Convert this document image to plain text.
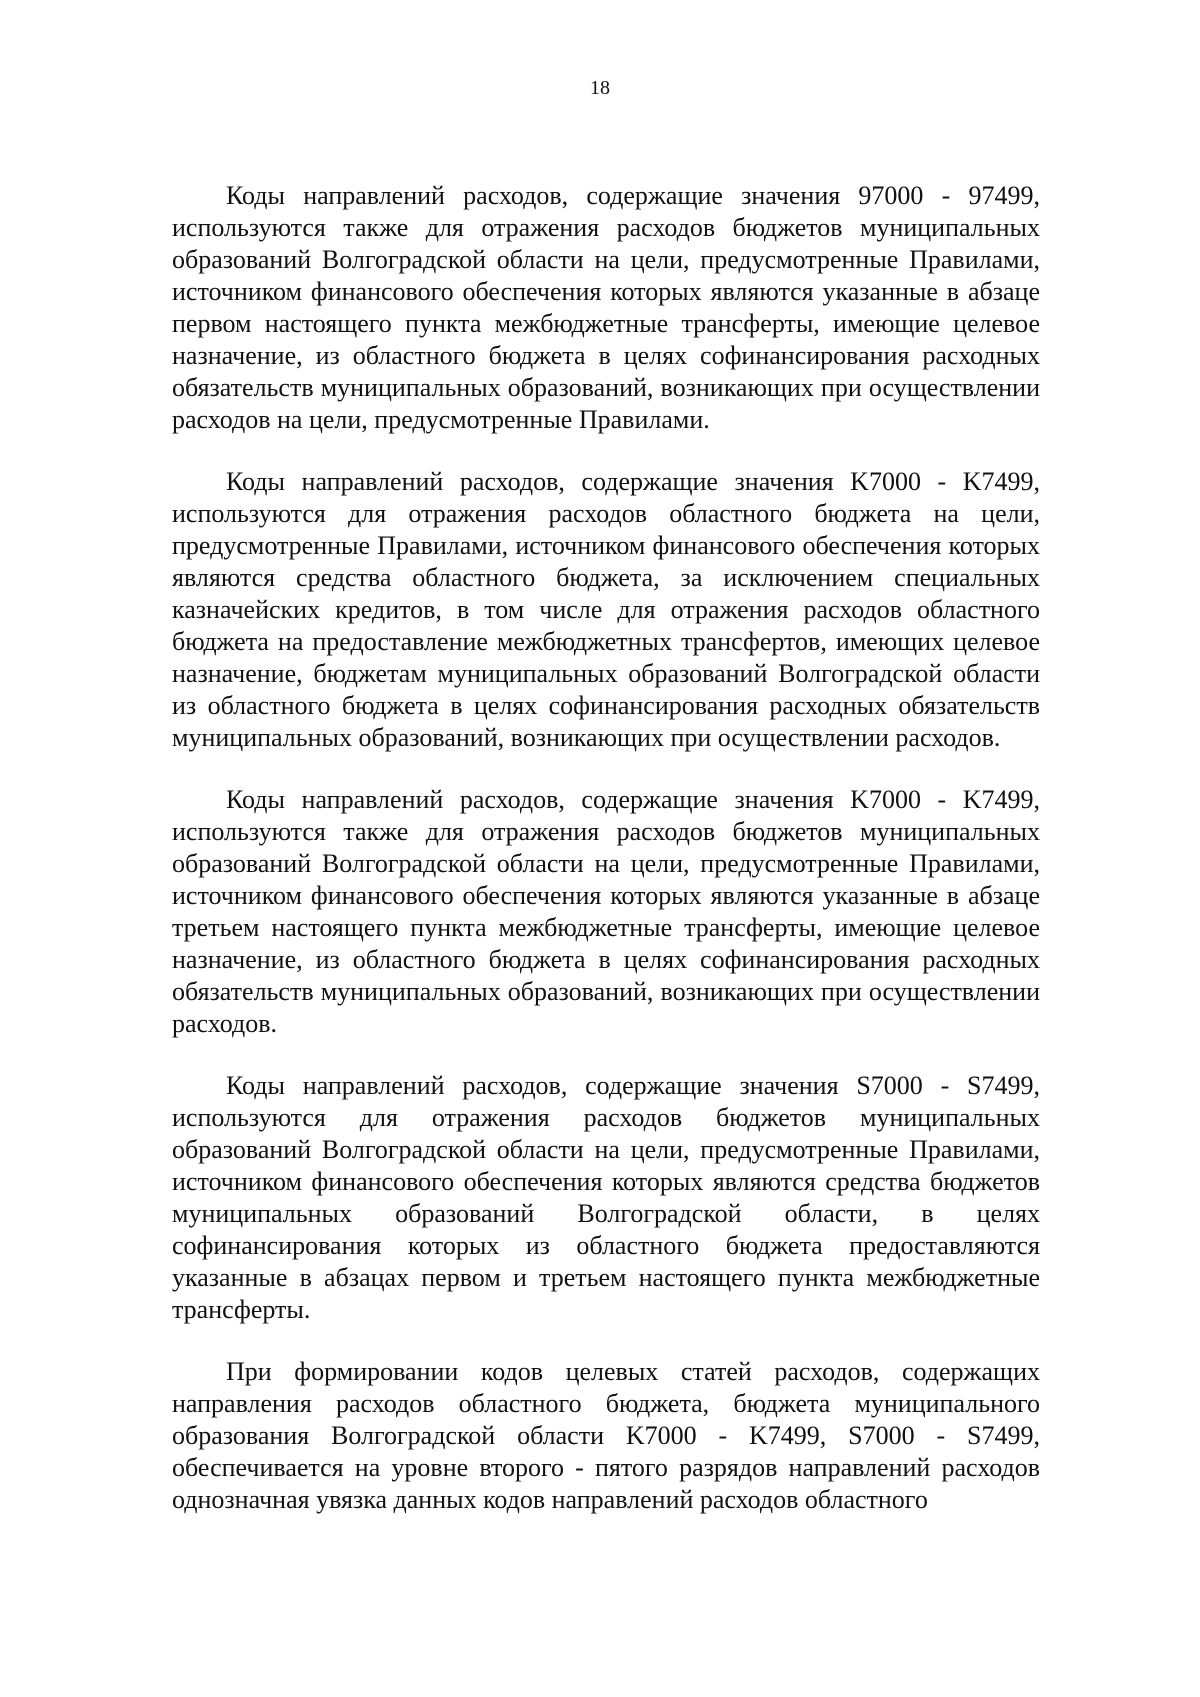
18

Коды направлений расходов, содержащие значения 97000 - 97499, используются также для отражения расходов бюджетов муниципальных образований Волгоградской области на цели, предусмотренные Правилами, источником финансового обеспечения которых являются указанные в абзаце первом настоящего пункта межбюджетные трансферты, имеющие целевое назначение, из областного бюджета в целях софинансирования расходных обязательств муниципальных образований, возникающих при осуществлении расходов на цели, предусмотренные Правилами.

Коды направлений расходов, содержащие значения K7000 - K7499, используются для отражения расходов областного бюджета на цели, предусмотренные Правилами, источником финансового обеспечения которых являются средства областного бюджета, за исключением специальных казначейских кредитов, в том числе для отражения расходов областного бюджета на предоставление межбюджетных трансфертов, имеющих целевое назначение, бюджетам муниципальных образований Волгоградской области из областного бюджета в целях софинансирования расходных обязательств муниципальных образований, возникающих при осуществлении расходов.

Коды направлений расходов, содержащие значения K7000 - K7499, используются также для отражения расходов бюджетов муниципальных образований Волгоградской области на цели, предусмотренные Правилами, источником финансового обеспечения которых являются указанные в абзаце третьем настоящего пункта межбюджетные трансферты, имеющие целевое назначение, из областного бюджета в целях софинансирования расходных обязательств муниципальных образований, возникающих при осуществлении расходов.

Коды направлений расходов, содержащие значения S7000 - S7499, используются для отражения расходов бюджетов муниципальных образований Волгоградской области на цели, предусмотренные Правилами, источником финансового обеспечения которых являются средства бюджетов муниципальных образований Волгоградской области, в целях софинансирования которых из областного бюджета предоставляются указанные в абзацах первом и третьем настоящего пункта межбюджетные трансферты.

При формировании кодов целевых статей расходов, содержащих направления расходов областного бюджета, бюджета муниципального образования Волгоградской области K7000 - K7499, S7000 - S7499, обеспечивается на уровне второго - пятого разрядов направлений расходов однозначная увязка данных кодов направлений расходов областного
